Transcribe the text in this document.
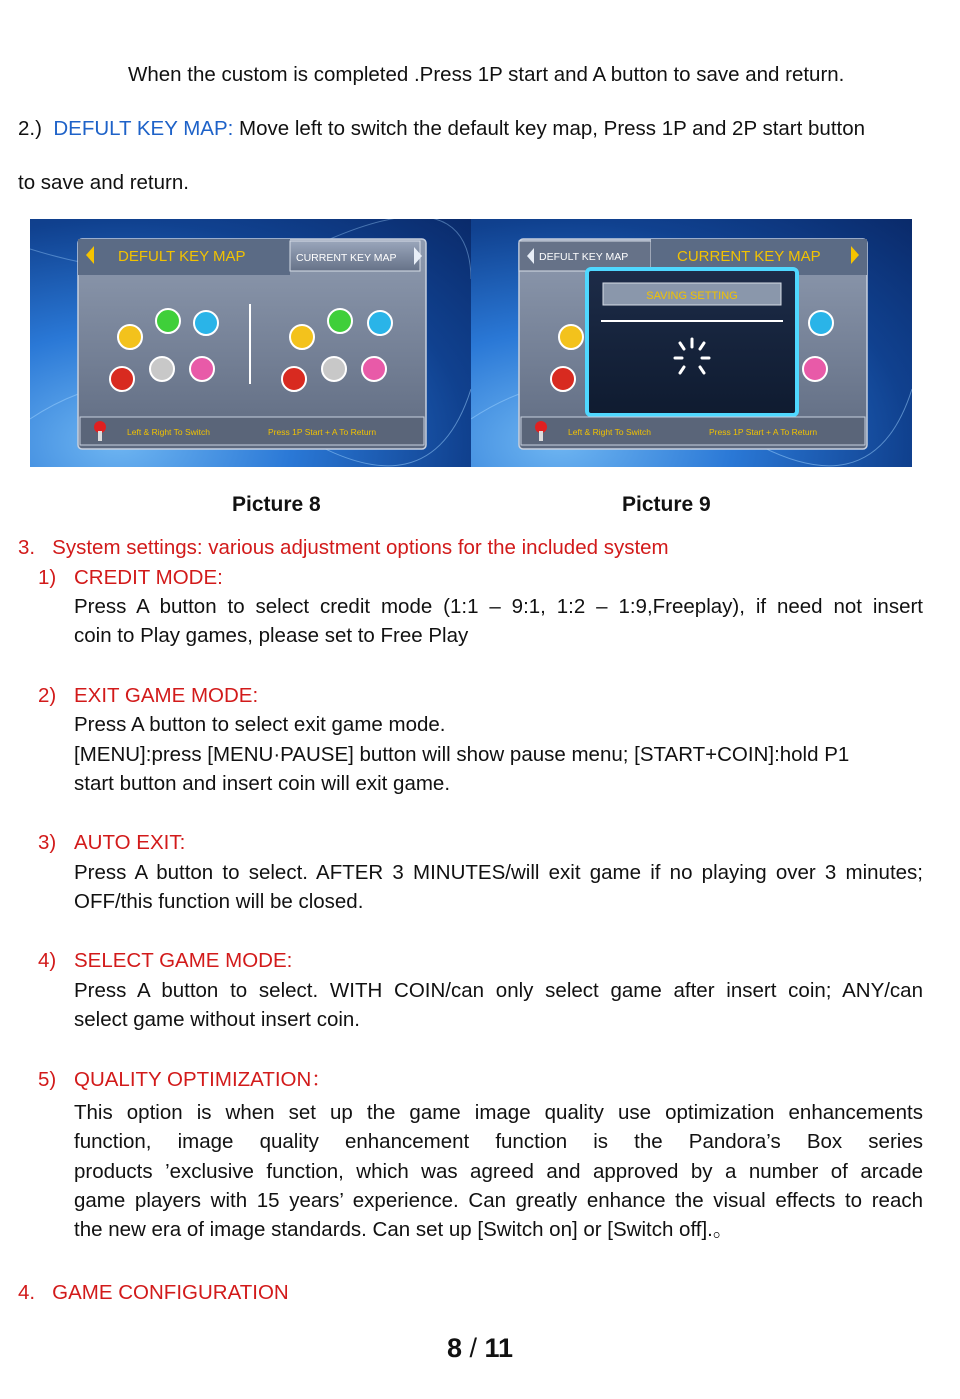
When the custom is completed .Press 1P start and A button to save and return.
2.) DEFULT KEY MAP: Move left to switch the default key map, Press 1P and 2P start button
to save and return.
DEFULT KEY MAP	CURRENT KEY MAP
Left & Right To Switch	Press 1P Start + A To Return
DEFULT KEY MAP	CURRENT KEY MAP
SAVING SETTING
Left & Right To Switch	Press 1P Start + A To Return
Picture 8	Picture 9
3.   System settings: various adjustment options for the included system
1) CREDIT MODE:
Press A button to select credit mode (1:1 – 9:1, 1:2 – 1:9,Freeplay), if need not insert
coin to Play games, please set to Free Play
2) EXIT GAME MODE:
Press A button to select exit game mode.
[MENU]:press [MENU·PAUSE] button will show pause menu; [START+COIN]:hold P1
start button and insert coin will exit game.
3) AUTO EXIT:
Press A button to select. AFTER 3 MINUTES/will exit game if no playing over 3 minutes;
OFF/this function will be closed.
4) SELECT GAME MODE:
Press A button to select. WITH COIN/can only select game after insert coin; ANY/can
select game without insert coin.
5) QUALITY OPTIMIZATION：
This option is when set up the game image quality use optimization enhancements
function, image quality enhancement function is the Pandora’s Box series
products ’exclusive function, which was agreed and approved by a number of arcade
game players with 15 years’ experience. Can greatly enhance the visual effects to reach
the new era of image standards. Can set up [Switch on] or [Switch off].。
4.   GAME CONFIGURATION
8 / 11
